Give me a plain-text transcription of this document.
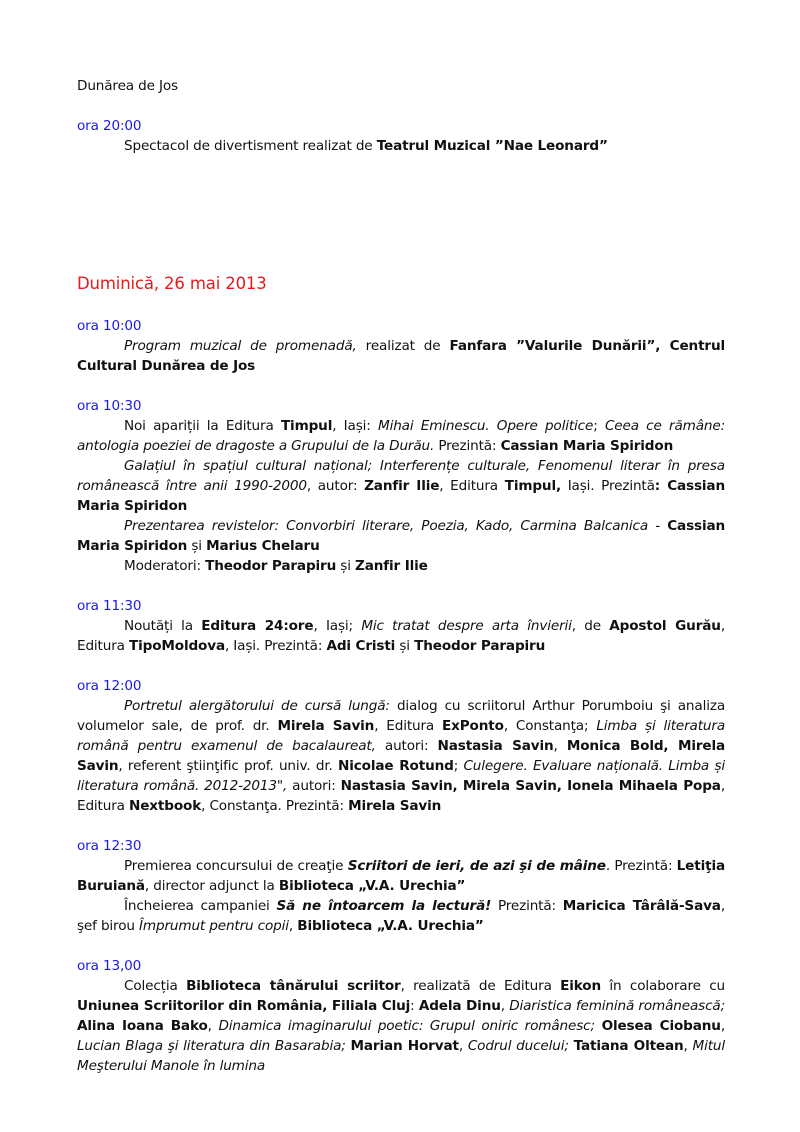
Dunărea de Jos

ora 20:00

Spectacol de divertisment realizat de Teatrul Muzical ”Nae Leonard”

Duminică, 26 mai 2013

ora 10:00

Program muzical de promenadă, realizat de Fanfara ”Valurile Dunării”, Centrul Cultural Dunărea de Jos

ora 10:30

Noi apariții la Editura Timpul, Iași: Mihai Eminescu. Opere politice; Ceea ce rămâne: antologia poeziei de dragoste a Grupului de la Durău. Prezintă: Cassian Maria Spiridon

Galațiul în spațiul cultural național; Interferențe culturale, Fenomenul literar în presa românească între anii 1990-2000, autor: Zanfir Ilie, Editura Timpul, Iași. Prezintă: Cassian Maria Spiridon

Prezentarea revistelor: Convorbiri literare, Poezia, Kado, Carmina Balcanica - Cassian Maria Spiridon și Marius Chelaru

Moderatori: Theodor Parapiru și Zanfir Ilie

ora 11:30

Noutăți la Editura 24:ore, Iași; Mic tratat despre arta învierii, de Apostol Gurău, Editura TipoMoldova, Iași. Prezintă: Adi Cristi și Theodor Parapiru

ora 12:00

Portretul alergătorului de cursă lungă: dialog cu scriitorul Arthur Porumboiu şi analiza volumelor sale, de prof. dr. Mirela Savin, Editura ExPonto, Constanţa; Limba și literatura română pentru examenul de bacalaureat, autori: Nastasia Savin, Monica Bold, Mirela Savin, referent ştiinţific prof. univ. dr. Nicolae Rotund; Culegere. Evaluare națională. Limba și literatura română. 2012-2013", autori: Nastasia Savin, Mirela Savin, Ionela Mihaela Popa, Editura Nextbook, Constanţa. Prezintă: Mirela Savin

ora 12:30

Premierea concursului de creaţie Scriitori de ieri, de azi şi de mâine. Prezintă: Letiţia Buruiană, director adjunct la Biblioteca „V.A. Urechia”

Încheierea campaniei Să ne întoarcem la lectură! Prezintă: Maricica Târâlă-Sava, şef birou Împrumut pentru copii, Biblioteca „V.A. Urechia”

ora 13,00

Colecția Biblioteca tânărului scriitor, realizată de Editura Eikon în colaborare cu Uniunea Scriitorilor din România, Filiala Cluj: Adela Dinu, Diaristica feminină românească; Alina Ioana Bako, Dinamica imaginarului poetic: Grupul oniric românesc; Olesea Ciobanu, Lucian Blaga şi literatura din Basarabia; Marian Horvat, Codrul ducelui; Tatiana Oltean, Mitul Meşterului Manole în lumina
